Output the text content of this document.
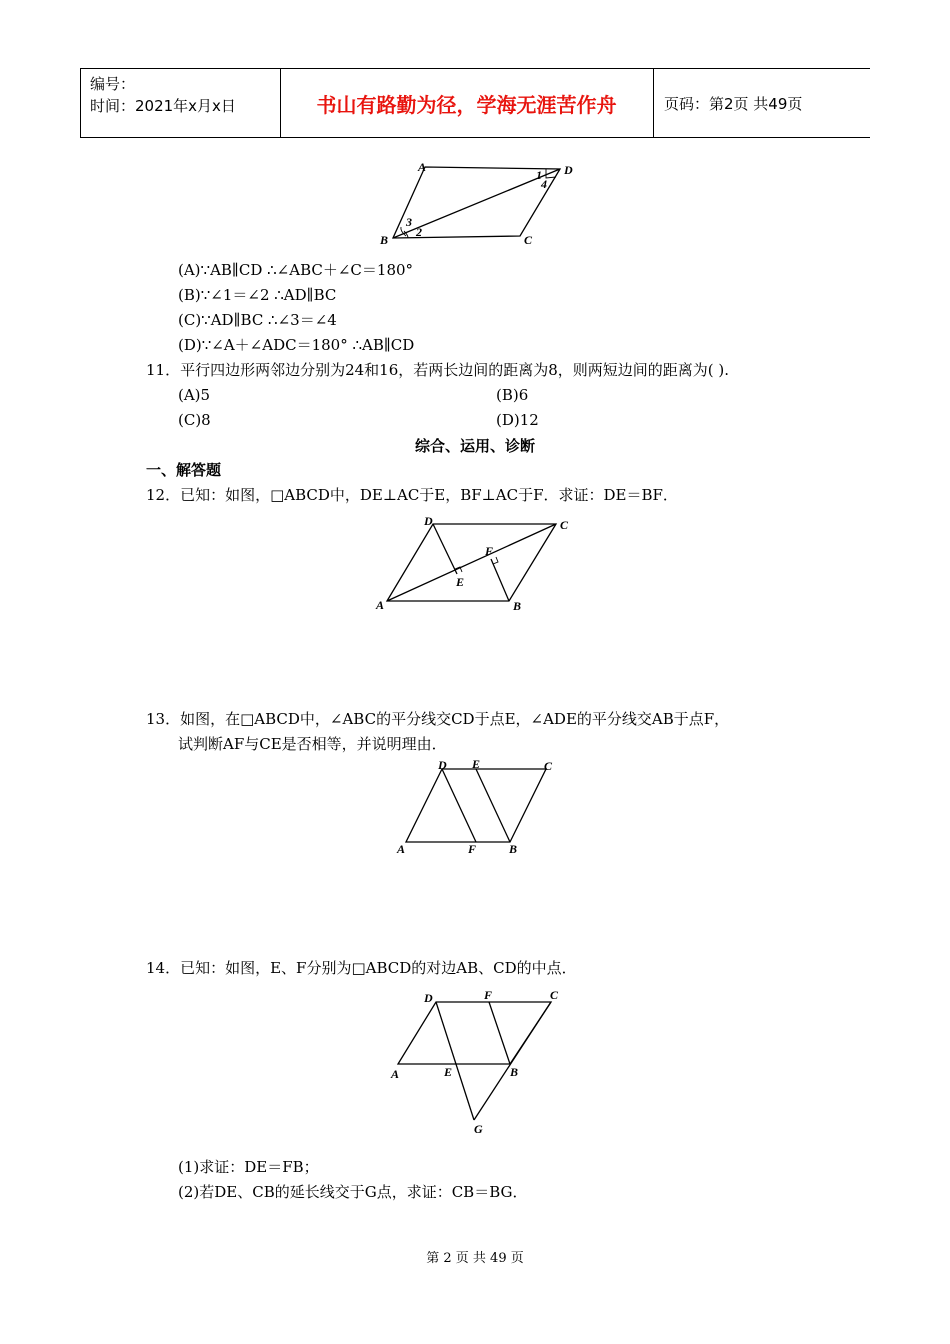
编号：
时间：2021年x月x日	书山有路勤为径，学海无涯苦作舟	页码：第2页 共49页
A	D
C
B
1
4
3
2
(A)∵AB∥CD ∴∠ABC＋∠C＝180°
(B)∵∠1＝∠2 ∴AD∥BC
(C)∵AD∥BC ∴∠3＝∠4
(D)∵∠A＋∠ADC＝180° ∴AB∥CD
11．平行四边形两邻边分别为24和16，若两长边间的距离为8，则两短边间的距离为( ).
(A)5	(B)6
(C)8	(D)12
综合、运用、诊断
一、解答题
12．已知：如图，□ABCD中，DE⊥AC于E，BF⊥AC于F．求证：DE＝BF．
D	C
A	B
E
F
13．如图，在□ABCD中，∠ABC的平分线交CD于点E，∠ADE的平分线交AB于点F，
试判断AF与CE是否相等，并说明理由．
D E	C
A	F	B
14．已知：如图，E、F分别为□ABCD的对边AB、CD的中点．
D	F	C
A	E	B
G
(1)求证：DE＝FB；
(2)若DE、CB的延长线交于G点，求证：CB＝BG．
第 2 页 共 49 页
